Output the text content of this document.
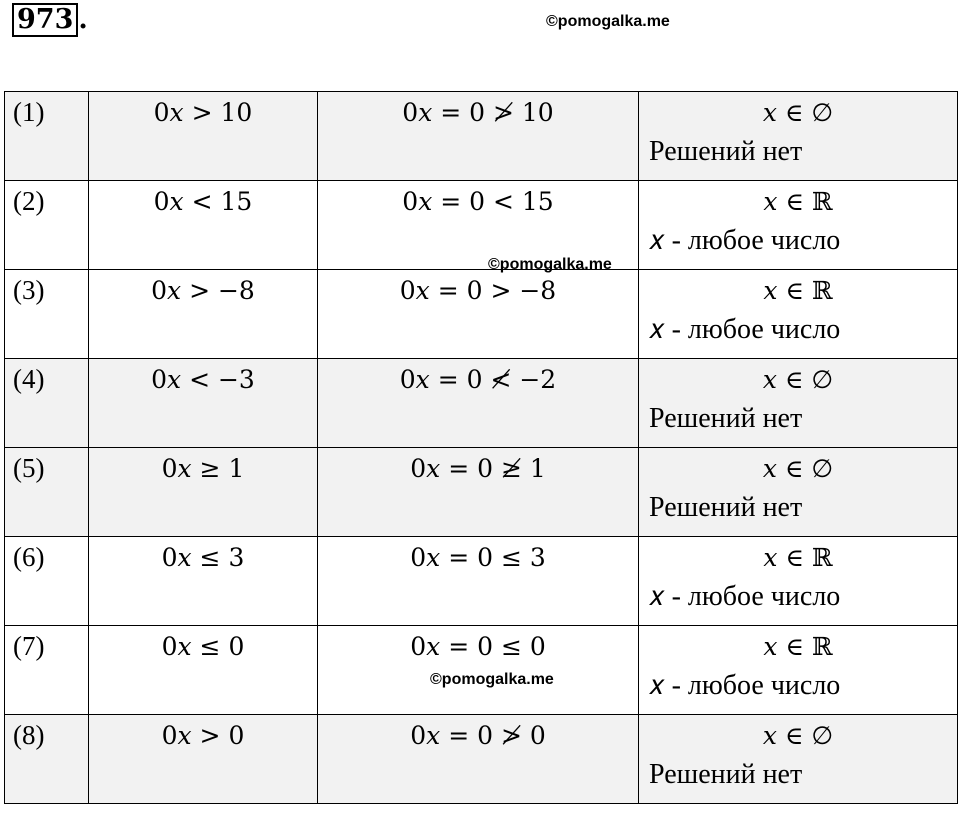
973 .
(1)	0𝑥 > 10	0𝑥 = 0 ≯ 10	𝑥 ∈ ∅
Решений нет

(2)	0𝑥 < 15	0𝑥 = 0 < 15	𝑥 ∈ ℝ
𝑥 - любое число

(3)	0𝑥 > −8	0𝑥 = 0 > −8	𝑥 ∈ ℝ
𝑥 - любое число

(4)	0𝑥 < −3	0𝑥 = 0 ≮ −2	𝑥 ∈ ∅
Решений нет

(5)	0𝑥 ≥ 1	0𝑥 = 0 ≱ 1	𝑥 ∈ ∅
Решений нет

(6)	0𝑥 ≤ 3	0𝑥 = 0 ≤ 3	𝑥 ∈ ℝ
𝑥 - любое число

(7)	0𝑥 ≤ 0	0𝑥 = 0 ≤ 0	𝑥 ∈ ℝ
𝑥 - любое число

(8)	0𝑥 > 0	0𝑥 = 0 ≯ 0	𝑥 ∈ ∅
Решений нет
©pomogalka.me
©pomogalka.me
©pomogalka.me
